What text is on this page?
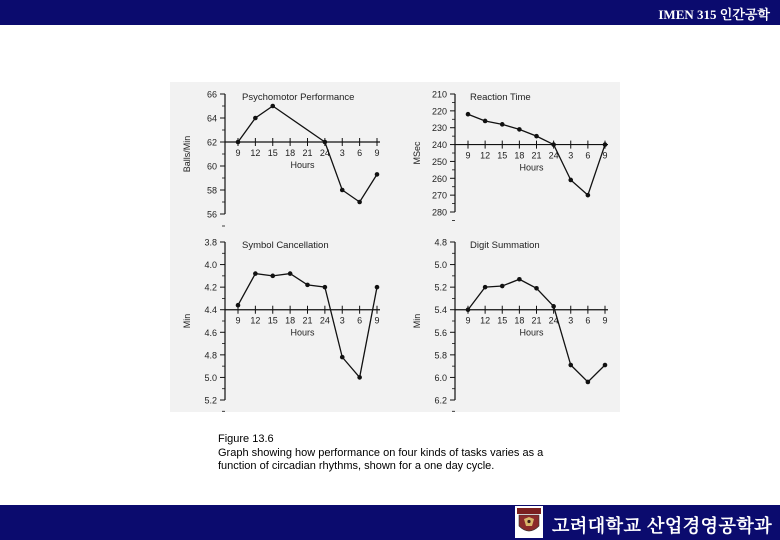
IMEN 315 인간공학
66
64
62
60
58
56
9 12 15 18 21 24 3 6 9
Hours
Psychomotor Performance
Balls/Min
210
220
230
240
250
260
270
280
9 12 15 18 21 24 3 6 9
Hours
Reaction Time
MSec
3.8
4.0
4.2
4.4
4.6
4.8
5.0
5.2
9 12 15 18 21 24 3 6 9
Hours
Symbol Cancellation
Min
4.8
5.0
5.2
5.4
5.6
5.8
6.0
6.2
9 12 15 18 21 24 3 6 9
Hours
Digit Summation
Min
Figure 13.6
Graph showing how performance on four kinds of tasks varies as a
function of circadian rhythms, shown for a one day cycle.
고려대학교 산업경영공학과
